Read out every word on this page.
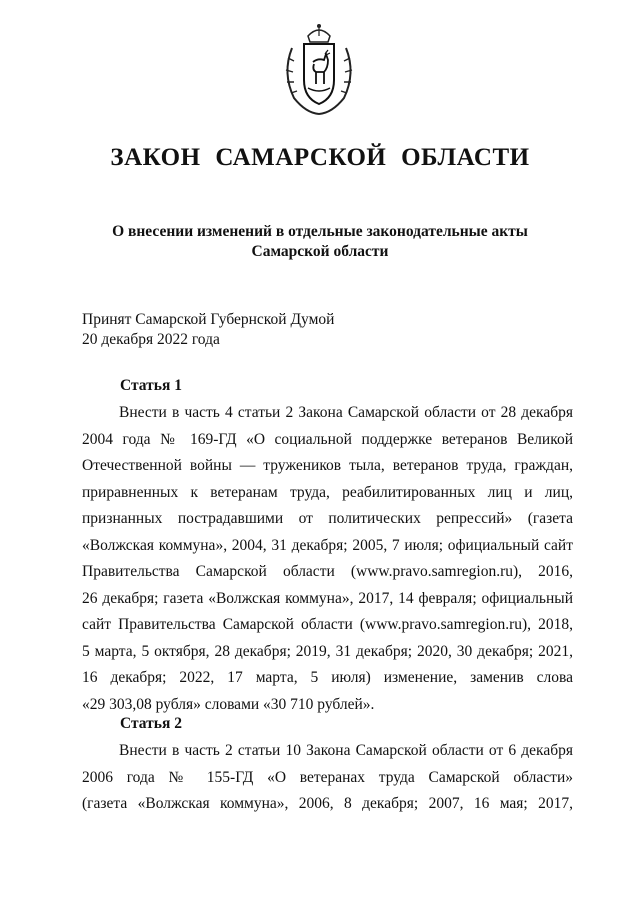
ЗАКОН САМАРСКОЙ ОБЛАСТИ
О внесении изменений в отдельные законодательные акты
Самарской области
Принят Самарской Губернской Думой
20 декабря 2022 года
Статья 1
Внести в часть 4 статьи 2 Закона Самарской области от 28 декабря
2004 года № 169-ГД «О социальной поддержке ветеранов Великой
Отечественной войны — тружеников тыла, ветеранов труда, граждан,
приравненных к ветеранам труда, реабилитированных лиц и лиц,
признанных пострадавшими от политических репрессий» (газета
«Волжская коммуна», 2004, 31 декабря; 2005, 7 июля; официальный сайт
Правительства Самарской области (www.pravo.samregion.ru), 2016,
26 декабря; газета «Волжская коммуна», 2017, 14 февраля; официальный
сайт Правительства Самарской области (www.pravo.samregion.ru), 2018,
5 марта, 5 октября, 28 декабря; 2019, 31 декабря; 2020, 30 декабря; 2021,
16 декабря; 2022, 17 марта, 5 июля) изменение, заменив слова
«29 303,08 рубля» словами «30 710 рублей».
Статья 2
Внести в часть 2 статьи 10 Закона Самарской области от 6 декабря
2006 года № 155-ГД «О ветеранах труда Самарской области»
(газета «Волжская коммуна», 2006, 8 декабря; 2007, 16 мая; 2017,
